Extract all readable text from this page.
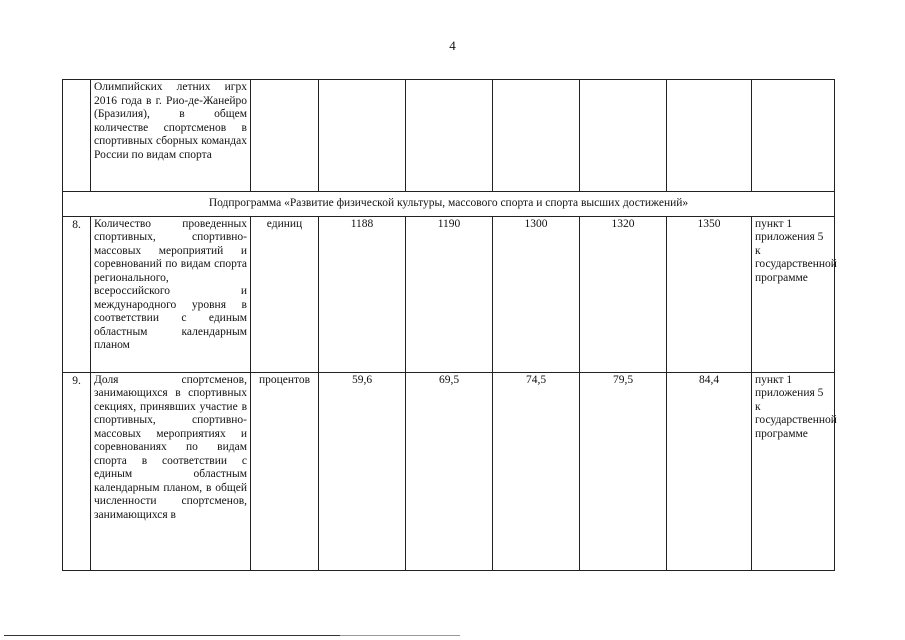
4
	Олимпийских летних игрх 2016 года в г. Рио-де-Жанейро (Бразилия), в общем количестве спортсменов в спортивных сборных командах России по видам спорта							
Подпрограмма «Развитие физической культуры, массового спорта и спорта высших достижений»								
8.	Количество проведенных спортивных, спортивно-массовых мероприятий и соревнований по видам спорта регионального, всероссийского и международного уровня в соответствии с единым областным календарным планом	единиц	1188	1190	1300	1320	1350	пункт 1 приложения 5 к государственной программе
9.	Доля спортсменов, занимающихся в спортивных секциях, принявших участие в спортивных, спортивно-массовых мероприятиях и соревнованиях по видам спорта в соответствии с единым областным календарным планом, в общей численности спортсменов, занимающихся в	процентов	59,6	69,5	74,5	79,5	84,4	пункт 1 приложения 5 к государственной программе
